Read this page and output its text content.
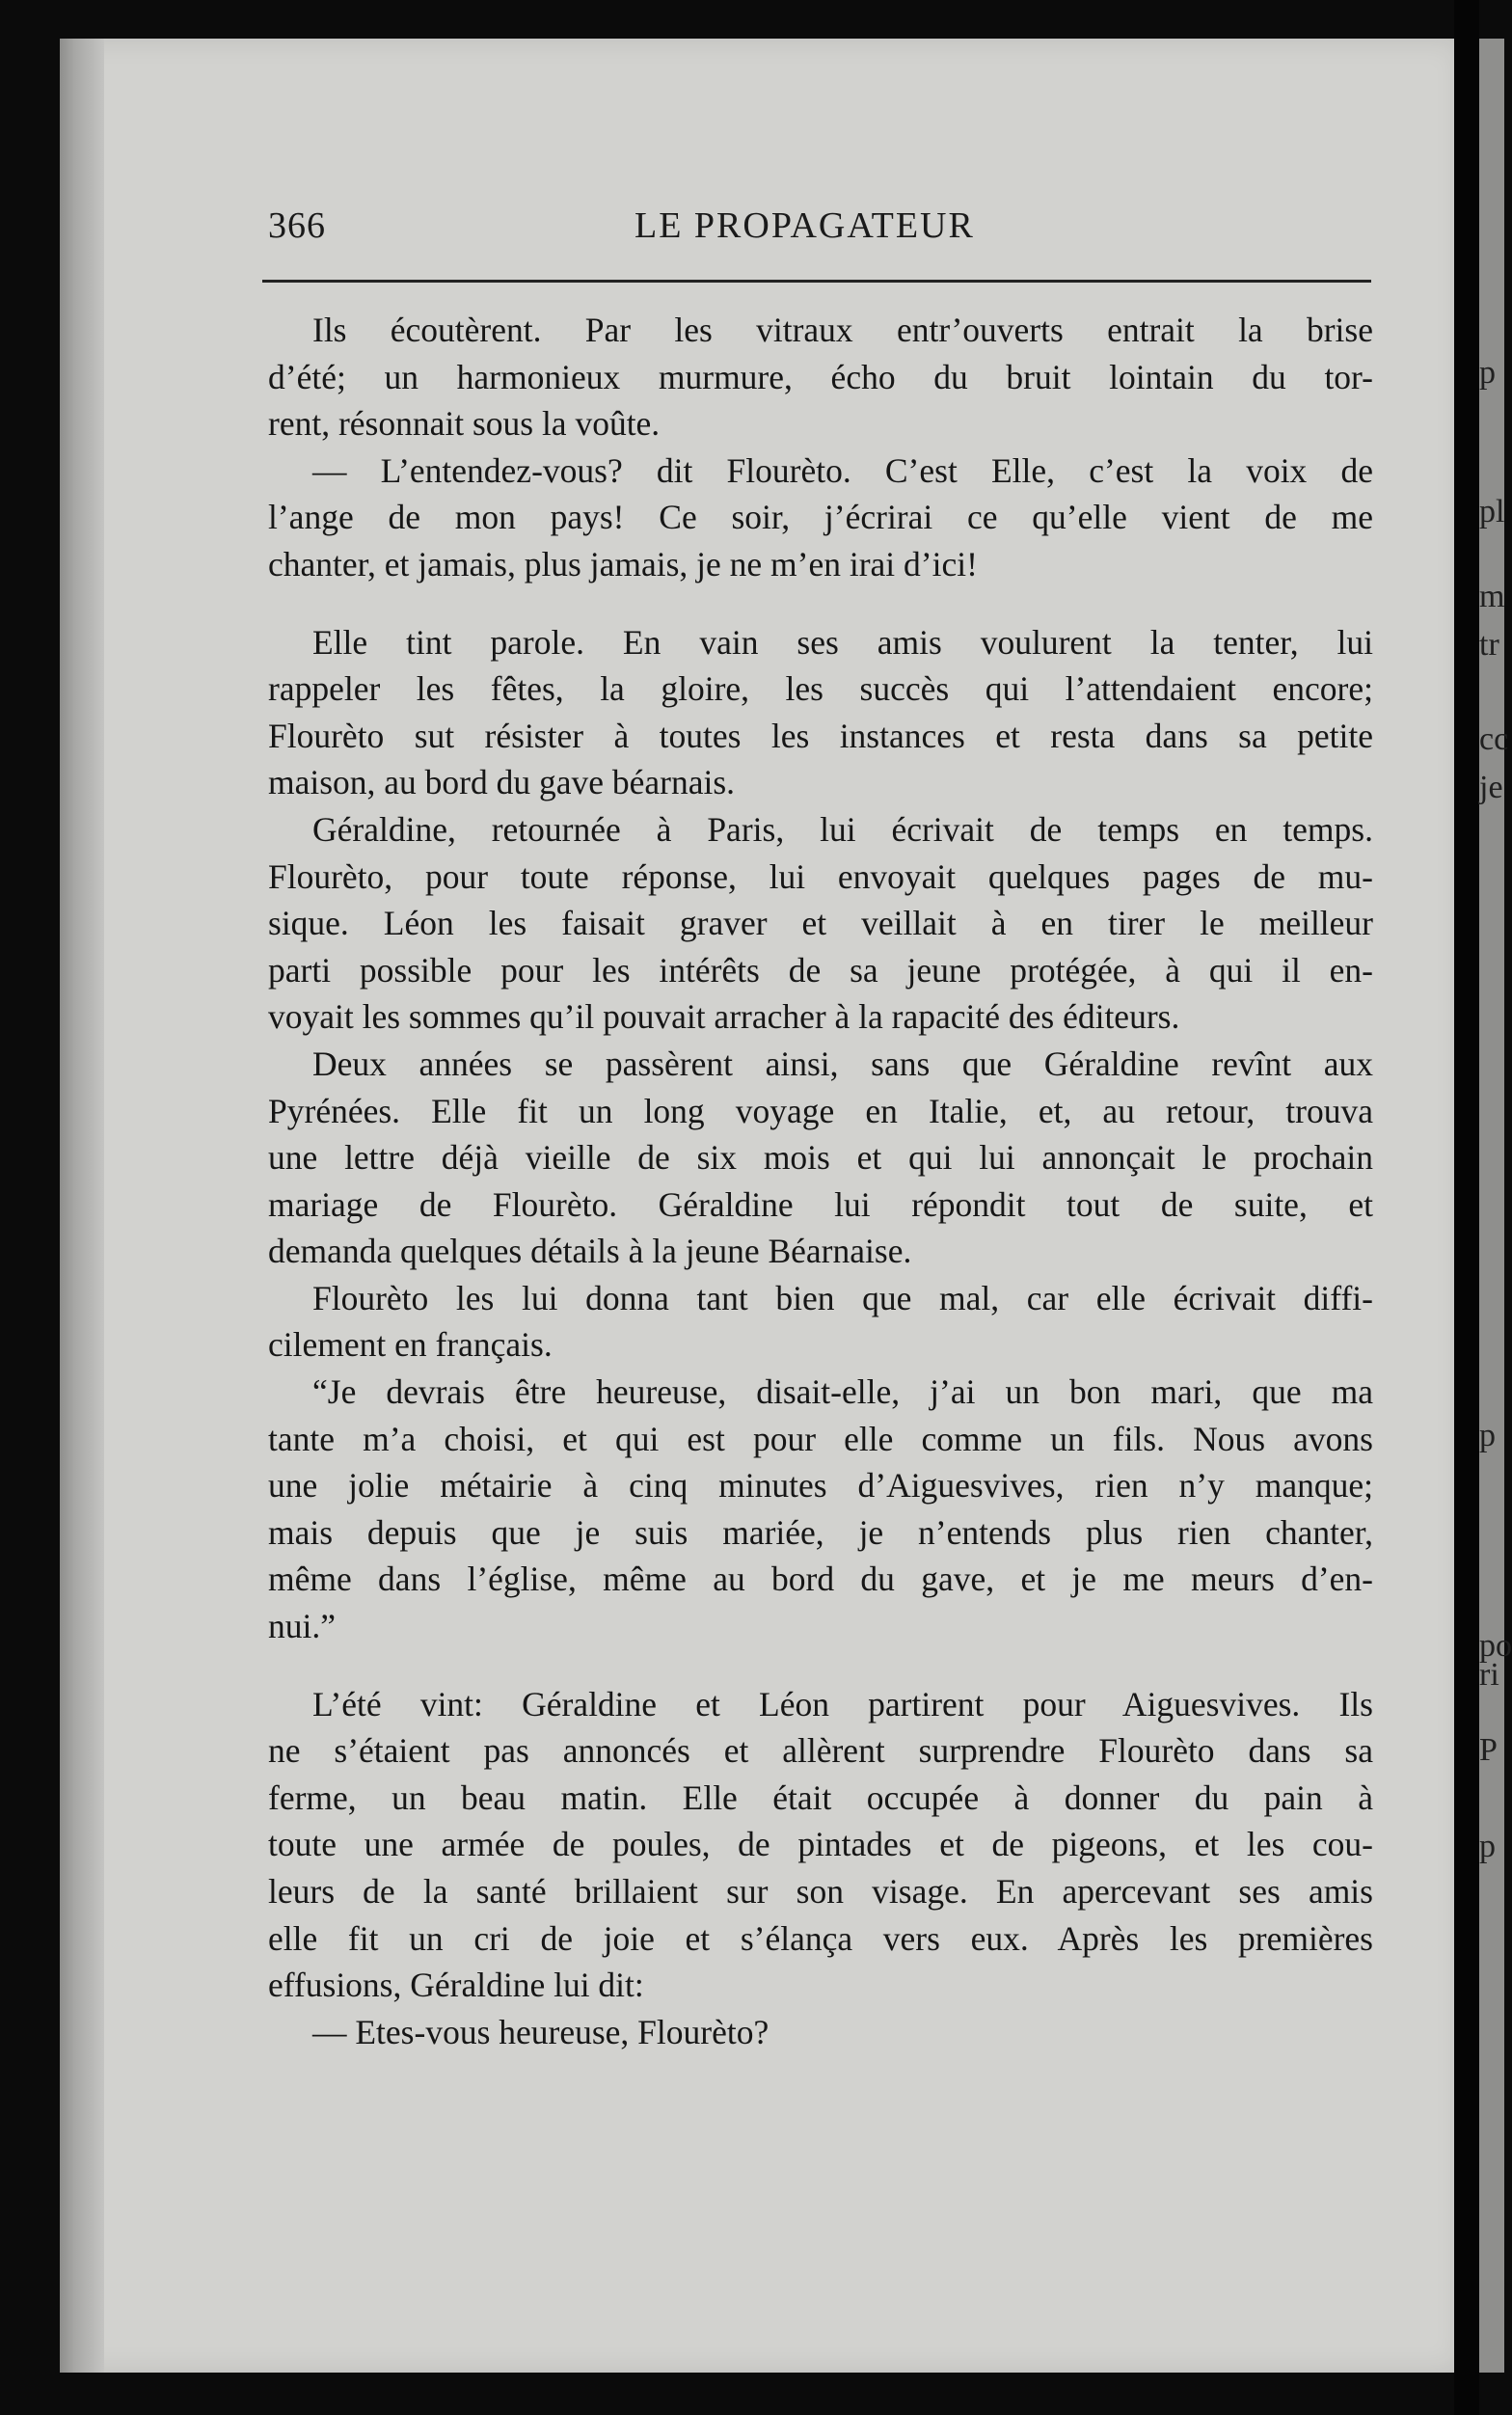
p
pl
m
tr
cc
je
p
po
ri
P
p
366	LE PROPAGATEUR
Ils écoutèrent. Par les vitraux entr’ouverts entrait la brise
d’été; un harmonieux murmure, écho du bruit lointain du tor-
rent, résonnait sous la voûte.
— L’entendez-vous? dit Flourèto. C’est Elle, c’est la voix de
l’ange de mon pays! Ce soir, j’écrirai ce qu’elle vient de me
chanter, et jamais, plus jamais, je ne m’en irai d’ici!
Elle tint parole. En vain ses amis voulurent la tenter, lui
rappeler les fêtes, la gloire, les succès qui l’attendaient encore;
Flourèto sut résister à toutes les instances et resta dans sa petite
maison, au bord du gave béarnais.
Géraldine, retournée à Paris, lui écrivait de temps en temps.
Flourèto, pour toute réponse, lui envoyait quelques pages de mu-
sique. Léon les faisait graver et veillait à en tirer le meilleur
parti possible pour les intérêts de sa jeune protégée, à qui il en-
voyait les sommes qu’il pouvait arracher à la rapacité des éditeurs.
Deux années se passèrent ainsi, sans que Géraldine revînt aux
Pyrénées. Elle fit un long voyage en Italie, et, au retour, trouva
une lettre déjà vieille de six mois et qui lui annonçait le prochain
mariage de Flourèto. Géraldine lui répondit tout de suite, et
demanda quelques détails à la jeune Béarnaise.
Flourèto les lui donna tant bien que mal, car elle écrivait diffi-
cilement en français.
“Je devrais être heureuse, disait-elle, j’ai un bon mari, que ma
tante m’a choisi, et qui est pour elle comme un fils. Nous avons
une jolie métairie à cinq minutes d’Aiguesvives, rien n’y manque;
mais depuis que je suis mariée, je n’entends plus rien chanter,
même dans l’église, même au bord du gave, et je me meurs d’en-
nui.”
L’été vint: Géraldine et Léon partirent pour Aiguesvives. Ils
ne s’étaient pas annoncés et allèrent surprendre Flourèto dans sa
ferme, un beau matin. Elle était occupée à donner du pain à
toute une armée de poules, de pintades et de pigeons, et les cou-
leurs de la santé brillaient sur son visage. En apercevant ses amis
elle fit un cri de joie et s’élança vers eux. Après les premières
effusions, Géraldine lui dit:
— Etes-vous heureuse, Flourèto?
